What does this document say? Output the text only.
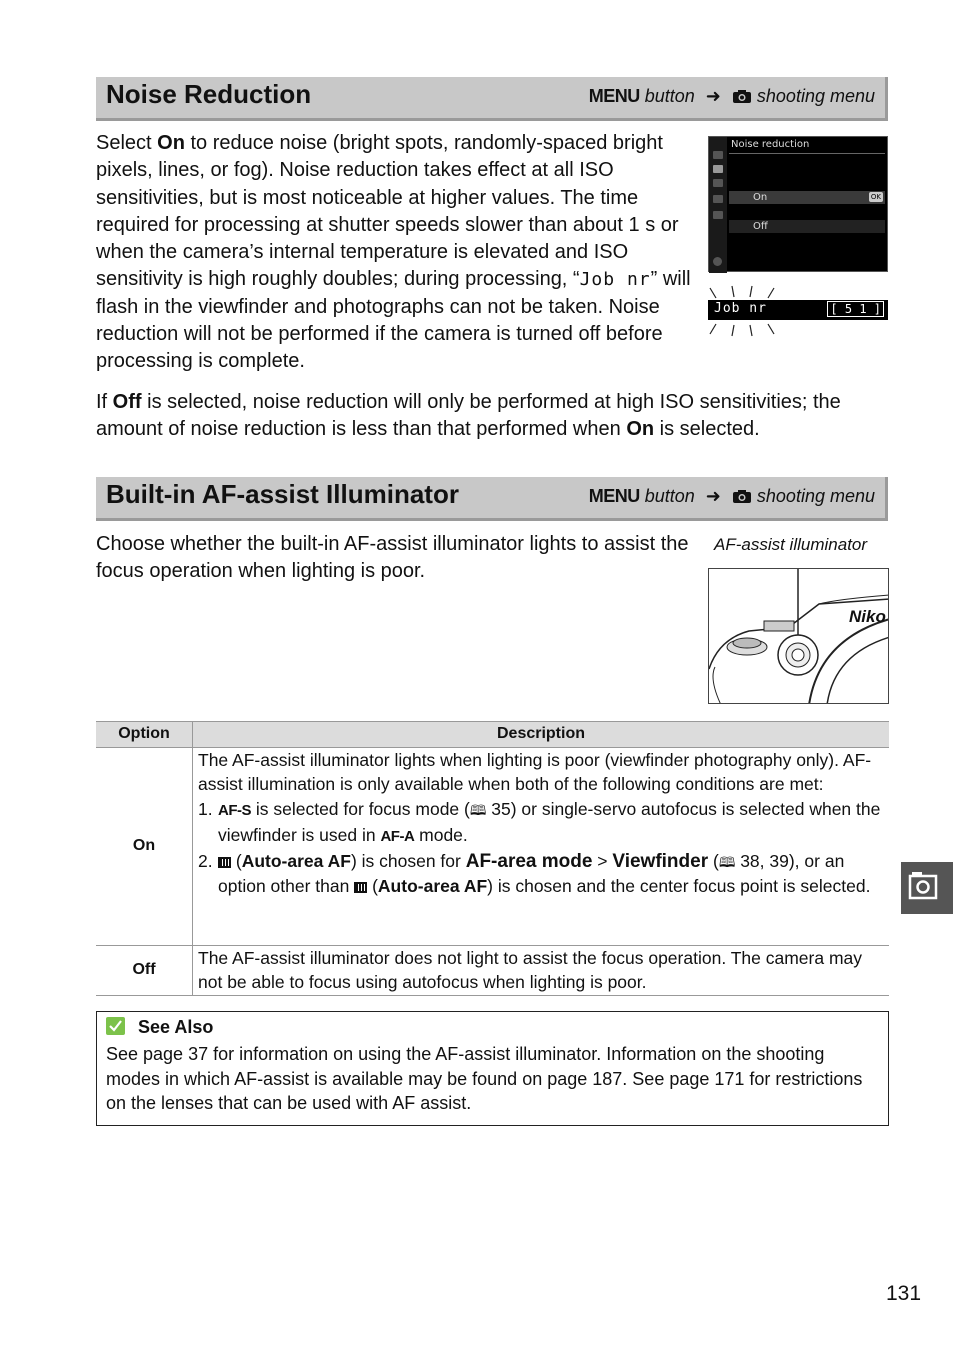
Noise Reduction	MENU button ➜ shooting menu
Select On to reduce noise (bright spots, randomly-spaced bright pixels, lines, or fog). Noise reduction takes effect at all ISO sensitivities, but is most noticeable at higher values. The time required for processing at shutter speeds slower than about 1 s or when the camera’s internal temperature is elevated and ISO sensitivity is high roughly doubles; during processing, “Job nr” will flash in the viewfinder and photographs can not be taken. Noise reduction will not be performed if the camera is turned off before processing is complete.
Noise reduction
On	OK
Off
Job nr	[ 5 1 ]
If Off is selected, noise reduction will only be performed at high ISO sensitivities; the amount of noise reduction is less than that performed when On is selected.
Built-in AF-assist Illuminator	MENU button ➜ shooting menu
Choose whether the built-in AF-assist illuminator lights to assist the focus operation when lighting is poor.
AF-assist illuminator
Niko
Option	Description
On	The AF-assist illuminator lights when lighting is poor (viewfinder photography only). AF-assist illumination is only available when both of the following conditions are met:
1. AF-S is selected for focus mode (🕮 35) or single-servo autofocus is selected when the viewfinder is used in AF-A mode.
2. (Auto-area AF) is chosen for AF-area mode > Viewfinder (🕮 38, 39), or an option other than  (Auto-area AF) is chosen and the center focus point is selected.

Off	The AF-assist illuminator does not light to assist the focus operation. The camera may not be able to focus using autofocus when lighting is poor.
See Also
See page 37 for information on using the AF-assist illuminator. Information on the shooting modes in which AF-assist is available may be found on page 187. See page 171 for restrictions on the lenses that can be used with AF assist.
131
